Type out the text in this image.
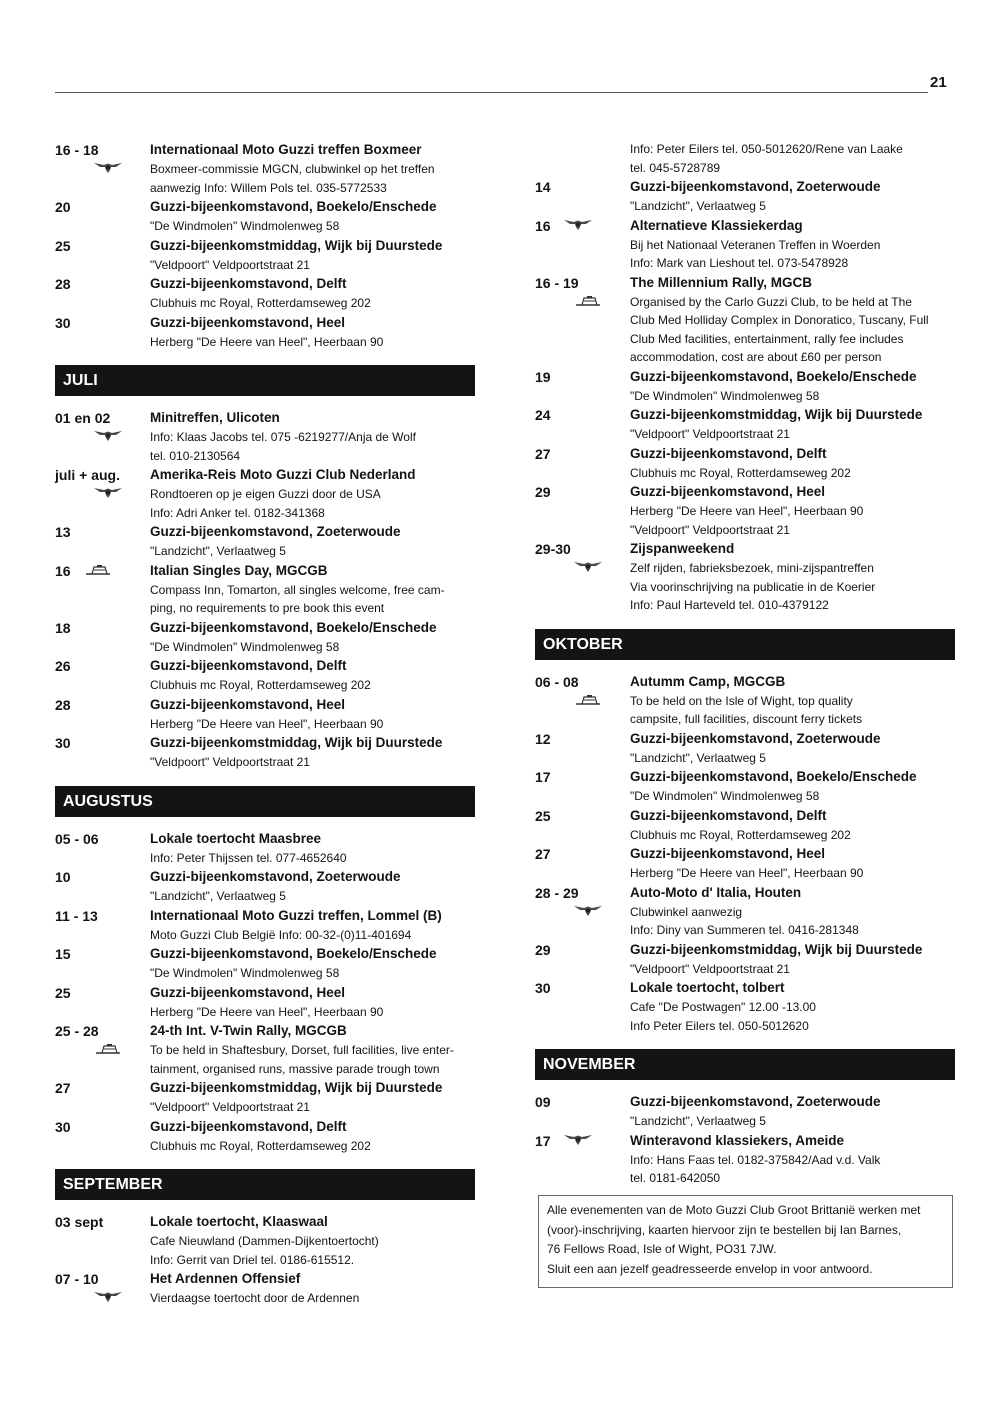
21
16 - 18	Internationaal Moto Guzzi treffen Boxmeer
Boxmeer-commissie MGCN, clubwinkel op het treffen
aanwezig Info: Willem Pols tel. 035-5772533
20	Guzzi-bijeenkomstavond, Boekelo/Enschede
"De Windmolen" Windmolenweg 58
25	Guzzi-bijeenkomstmiddag, Wijk bij Duurstede
"Veldpoort" Veldpoortstraat 21
28	Guzzi-bijeenkomstavond, Delft
Clubhuis mc Royal, Rotterdamseweg 202
30	Guzzi-bijeenkomstavond, Heel
Herberg "De Heere van Heel", Heerbaan 90
JULI
01 en 02	Minitreffen, Ulicoten
Info: Klaas Jacobs tel. 075 -6219277/Anja de Wolf
tel. 010-2130564
juli + aug.	Amerika-Reis Moto Guzzi Club Nederland
Rondtoeren op je eigen Guzzi door de USA
Info: Adri Anker tel. 0182-341368
13	Guzzi-bijeenkomstavond, Zoeterwoude
"Landzicht", Verlaatweg 5
16	Italian Singles Day, MGCGB
Compass Inn, Tomarton, all singles welcome, free cam-
ping, no requirements to pre book this event
18	Guzzi-bijeenkomstavond, Boekelo/Enschede
"De Windmolen" Windmolenweg 58
26	Guzzi-bijeenkomstavond, Delft
Clubhuis mc Royal, Rotterdamseweg 202
28	Guzzi-bijeenkomstavond, Heel
Herberg "De Heere van Heel", Heerbaan 90
30	Guzzi-bijeenkomstmiddag, Wijk bij Duurstede
"Veldpoort" Veldpoortstraat 21
AUGUSTUS
05 - 06	Lokale toertocht Maasbree
Info: Peter Thijssen tel. 077-4652640
10	Guzzi-bijeenkomstavond, Zoeterwoude
"Landzicht", Verlaatweg 5
11 - 13	Internationaal Moto Guzzi treffen, Lommel (B)
Moto Guzzi Club België Info: 00-32-(0)11-401694
15	Guzzi-bijeenkomstavond, Boekelo/Enschede
"De Windmolen" Windmolenweg 58
25	Guzzi-bijeenkomstavond, Heel
Herberg "De Heere van Heel", Heerbaan 90
25 - 28	24-th Int. V-Twin Rally, MGCGB
To be held in Shaftesbury, Dorset, full facilities, live enter-
tainment, organised runs, massive parade trough town
27	Guzzi-bijeenkomstmiddag, Wijk bij Duurstede
"Veldpoort" Veldpoortstraat 21
30	Guzzi-bijeenkomstavond, Delft
Clubhuis mc Royal, Rotterdamseweg 202
SEPTEMBER
03 sept	Lokale toertocht, Klaaswaal
Cafe Nieuwland (Dammen-Dijkentoertocht)
Info: Gerrit van Driel tel. 0186-615512.
07 - 10	Het Ardennen Offensief
Vierdaagse toertocht door de Ardennen
Info: Peter Eilers tel. 050-5012620/Rene van Laake
tel. 045-5728789
14	Guzzi-bijeenkomstavond, Zoeterwoude
"Landzicht", Verlaatweg 5
16	Alternatieve Klassiekerdag
Bij het Nationaal Veteranen Treffen in Woerden
Info: Mark van Lieshout tel. 073-5478928
16 - 19	The Millennium Rally, MGCB
Organised by the Carlo Guzzi Club, to be held at The
Club Med Holliday Complex in Donoratico, Tuscany, Full
Club Med facilities, entertainment, rally fee includes
accommodation, cost are about £60 per person
19	Guzzi-bijeenkomstavond, Boekelo/Enschede
"De Windmolen" Windmolenweg 58
24	Guzzi-bijeenkomstmiddag, Wijk bij Duurstede
"Veldpoort" Veldpoortstraat 21
27	Guzzi-bijeenkomstavond, Delft
Clubhuis mc Royal, Rotterdamseweg 202
29	Guzzi-bijeenkomstavond, Heel
Herberg "De Heere van Heel", Heerbaan 90
"Veldpoort" Veldpoortstraat 21
29-30	Zijspanweekend
Zelf rijden, fabrieksbezoek, mini-zijspantreffen
Via voorinschrijving na publicatie in de Koerier
Info: Paul Harteveld tel. 010-4379122
OKTOBER
06 - 08	Autumm Camp, MGCGB
To be held on the Isle of Wight, top quality
campsite, full facilities, discount ferry tickets
12	Guzzi-bijeenkomstavond, Zoeterwoude
"Landzicht", Verlaatweg 5
17	Guzzi-bijeenkomstavond, Boekelo/Enschede
"De Windmolen" Windmolenweg 58
25	Guzzi-bijeenkomstavond, Delft
Clubhuis mc Royal, Rotterdamseweg 202
27	Guzzi-bijeenkomstavond, Heel
Herberg "De Heere van Heel", Heerbaan 90
28 - 29	Auto-Moto d' Italia, Houten
Clubwinkel aanwezig
Info: Diny van Summeren tel. 0416-281348
29	Guzzi-bijeenkomstmiddag, Wijk bij Duurstede
"Veldpoort" Veldpoortstraat 21
30	Lokale toertocht, tolbert
Cafe "De Postwagen" 12.00 -13.00
Info Peter Eilers tel. 050-5012620
NOVEMBER
09	Guzzi-bijeenkomstavond, Zoeterwoude
"Landzicht", Verlaatweg 5
17	Winteravond klassiekers, Ameide
Info: Hans Faas tel. 0182-375842/Aad v.d. Valk
tel. 0181-642050

Alle evenementen van de Moto Guzzi Club Groot Brittanië werken met

(voor)-inschrijving, kaarten hiervoor zijn te bestellen bij Ian Barnes,

76 Fellows Road, Isle of Wight, PO31 7JW.

Sluit een aan jezelf geadresseerde envelop in voor antwoord.
